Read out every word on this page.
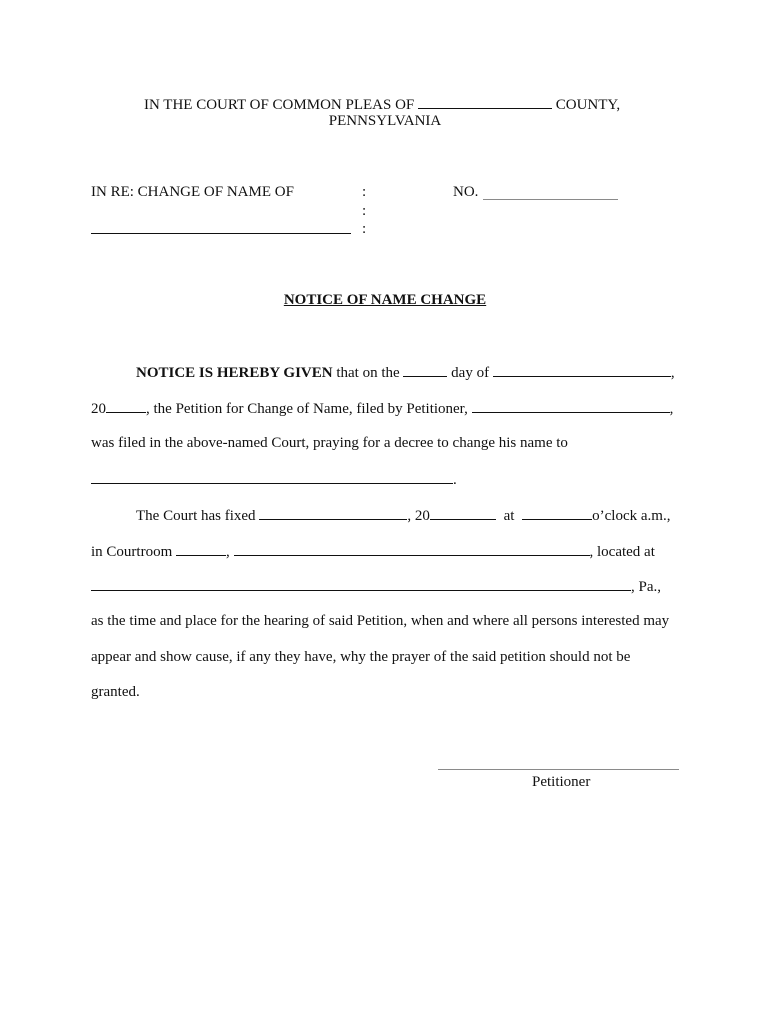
IN THE COURT OF COMMON PLEAS OF	COUNTY,
PENNSYLVANIA
IN RE: CHANGE OF NAME OF	:
:
:
NO.
NOTICE OF NAME CHANGE
NOTICE IS HEREBY GIVEN that on the	day of	,
20	, the Petition for Change of Name, filed by Petitioner,	,
was filed in the above-named Court, praying for a decree to change his name to
.
The Court has fixed	, 20	at	o’clock a.m.,
in Courtroom	,	, located at
, Pa.,
as the time and place for the hearing of said Petition, when and where all persons interested may
appear and show cause, if any they have, why the prayer of the said petition should not be
granted.
Petitioner
